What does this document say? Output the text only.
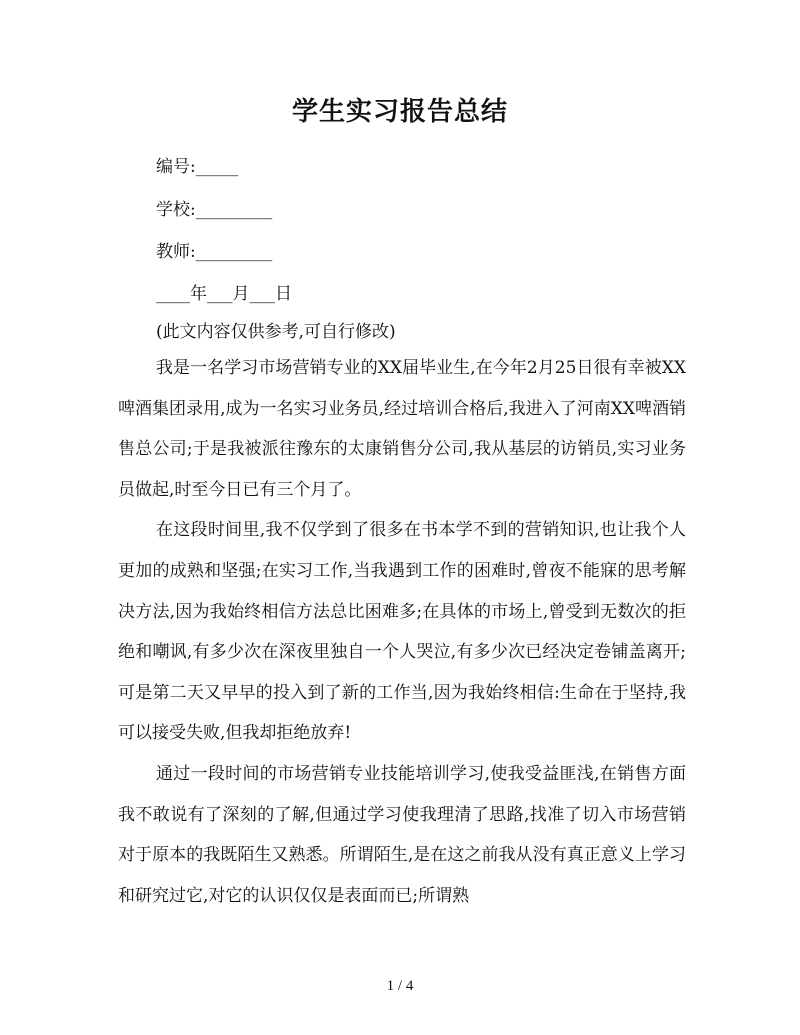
学生实习报告总结
编号:_____
学校:_________
教师:_________
____年___月___日
(此文内容仅供参考,可自行修改)

我是一名学习市场营销专业的XX届毕业生,在今年2月25日很有幸被XX啤酒集团录用,成为一名实习业务员,经过培训合格后,我进入了河南XX啤酒销售总公司;于是我被派往豫东的太康销售分公司,我从基层的访销员,实习业务员做起,时至今日已有三个月了。

在这段时间里,我不仅学到了很多在书本学不到的营销知识,也让我个人更加的成熟和坚强;在实习工作,当我遇到工作的困难时,曾夜不能寐的思考解决方法,因为我始终相信方法总比困难多;在具体的市场上,曾受到无数次的拒绝和嘲讽,有多少次在深夜里独自一个人哭泣,有多少次已经决定卷铺盖离开;可是第二天又早早的投入到了新的工作当,因为我始终相信:生命在于坚持,我可以接受失败,但我却拒绝放弃!

通过一段时间的市场营销专业技能培训学习,使我受益匪浅,在销售方面我不敢说有了深刻的了解,但通过学习使我理清了思路,找准了切入市场营销对于原本的我既陌生又熟悉。所谓陌生,是在这之前我从没有真正意义上学习和研究过它,对它的认识仅仅是表面而已;所谓熟

1 / 4
